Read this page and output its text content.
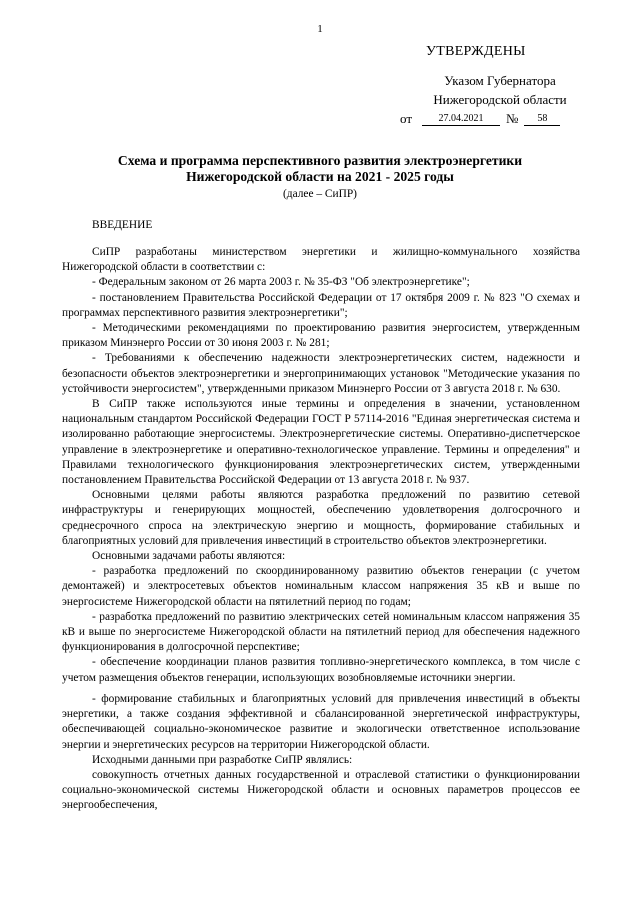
1
УТВЕРЖДЕНЫ
Указом Губернатора
Нижегородской области
от	27.04.2021 № 58
Схема и программа перспективного развития электроэнергетики
Нижегородской области на 2021 - 2025 годы
(далее – СиПР)
ВВЕДЕНИЕ

СиПР разработаны министерством энергетики и жилищно-коммунального хозяйства Нижегородской области в соответствии с:

- Федеральным законом от 26 марта 2003 г. № 35-ФЗ "Об электроэнергетике";

- постановлением Правительства Российской Федерации от 17 октября 2009 г. № 823 "О схемах и программах перспективного развития электроэнергетики";

- Методическими рекомендациями по проектированию развития энергосистем, утвержденным приказом Минэнерго России от 30 июня 2003 г. № 281;

- Требованиями к обеспечению надежности электроэнергетических систем, надежности и безопасности объектов электроэнергетики и энергопринимающих установок "Методические указания по устойчивости энергосистем", утвержденными приказом Минэнерго России от 3 августа 2018 г. № 630.

В СиПР также используются иные термины и определения в значении, установленном национальным стандартом Российской Федерации ГОСТ Р 57114-2016 "Единая энергетическая система и изолированно работающие энергосистемы. Электроэнергетические системы. Оперативно-диспетчерское управление в электроэнергетике и оперативно-технологическое управление. Термины и определения" и Правилами технологического функционирования электроэнергетических систем, утвержденными постановлением Правительства Российской Федерации от 13 августа 2018 г. № 937.

Основными целями работы являются разработка предложений по развитию сетевой инфраструктуры и генерирующих мощностей, обеспечению удовлетворения долгосрочного и среднесрочного спроса на электрическую энергию и мощность, формирование стабильных и благоприятных условий для привлечения инвестиций в строительство объектов электроэнергетики.

Основными задачами работы являются:

- разработка предложений по скоординированному развитию объектов генерации (с учетом демонтажей) и электросетевых объектов номинальным классом напряжения 35 кВ и выше по энергосистеме Нижегородской области на пятилетний период по годам;

- разработка предложений по развитию электрических сетей номинальным классом напряжения 35 кВ и выше по энергосистеме Нижегородской области на пятилетний период для обеспечения надежного функционирования в долгосрочной перспективе;

- обеспечение координации планов развития топливно-энергетического комплекса, в том числе с учетом размещения объектов генерации, использующих возобновляемые источники энергии.

- формирование стабильных и благоприятных условий для привлечения инвестиций в объекты энергетики, а также создания эффективной и сбалансированной энергетической инфраструктуры, обеспечивающей социально-экономическое развитие и экологически ответственное использование энергии и энергетических ресурсов на территории Нижегородской области.

Исходными данными при разработке СиПР являлись:

совокупность отчетных данных государственной и отраслевой статистики о функционировании социально-экономической системы Нижегородской области и основных параметров процессов ее энергообеспечения,
